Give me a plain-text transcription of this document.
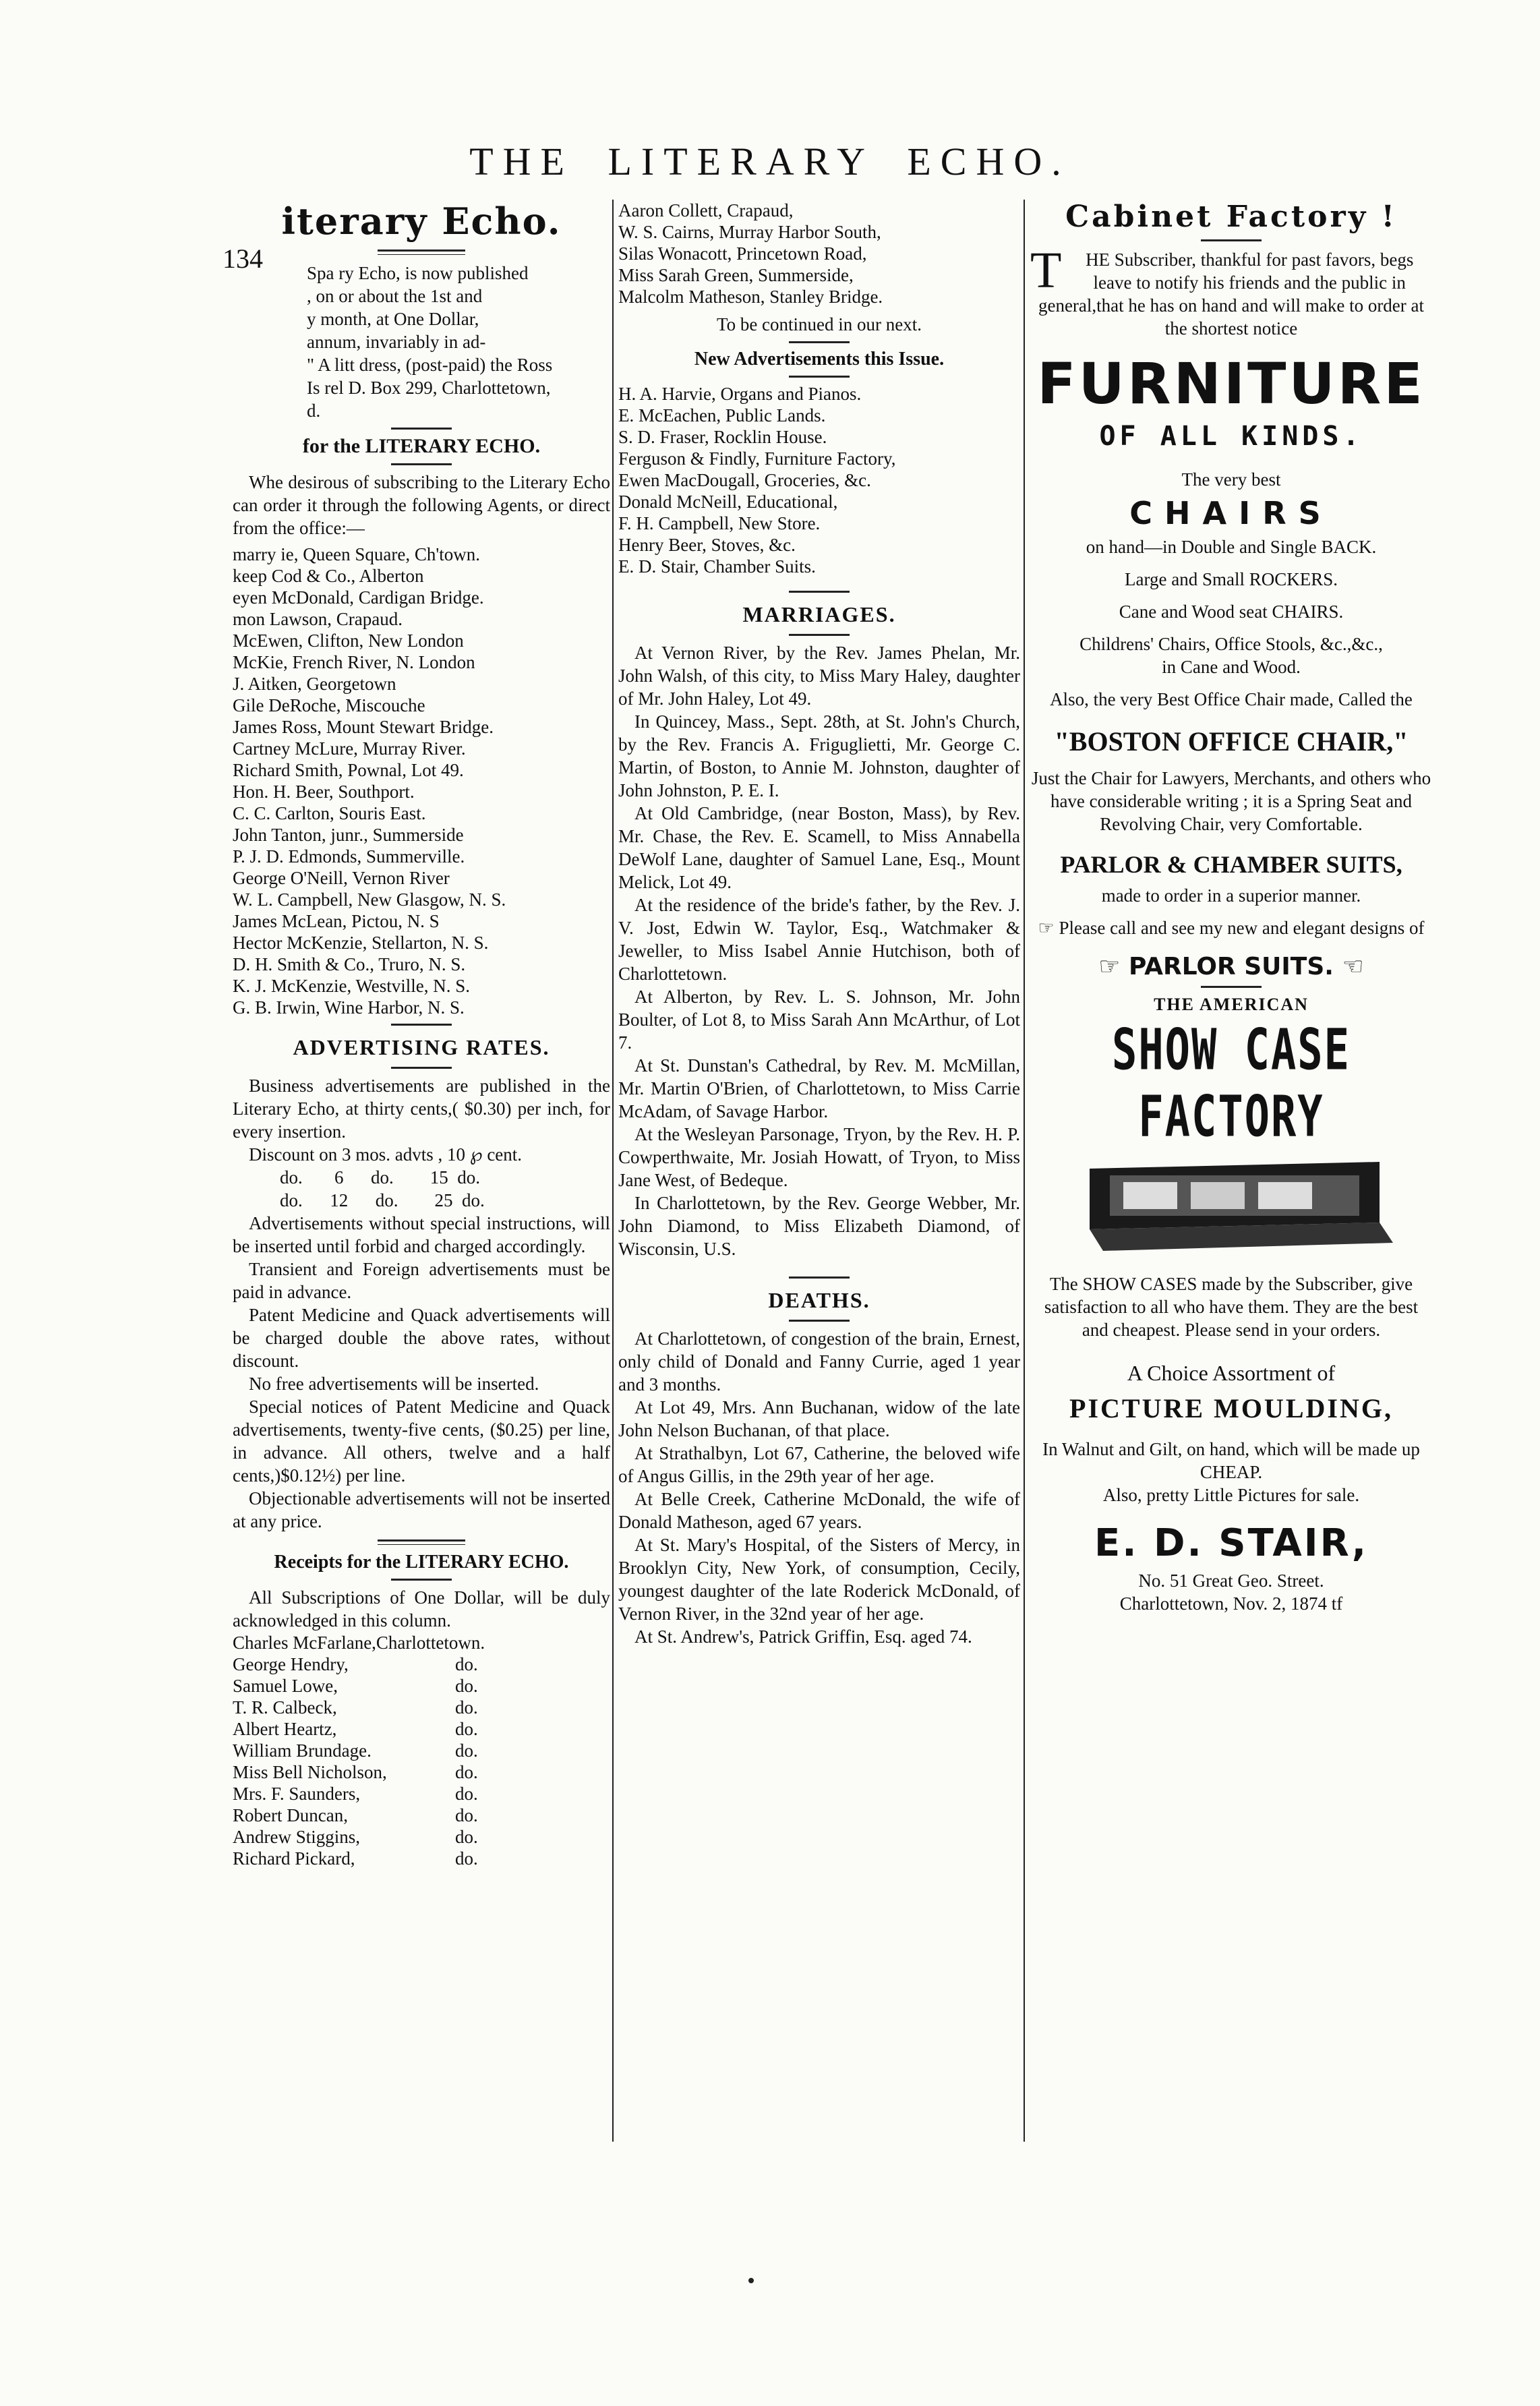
THE LITERARY ECHO.
134
iterary Echo.

Spa ry Echo, is now published

, on or about the 1st and

y month, at One Dollar,

annum, invariably in ad-

" A litt dress, (post-paid) the Ross

Is rel D. Box 299, Charlottetown,

d.

for the LITERARY ECHO.

Whe desirous of subscribing to the Literary Echo can order it through the following Agents, or direct from the office:—

marry ie, Queen Square, Ch'town.
keep Cod & Co., Alberton
eyen McDonald, Cardigan Bridge.
mon Lawson, Crapaud.
McEwen, Clifton, New London
McKie, French River, N. London
J. Aitken, Georgetown
Gile DeRoche, Miscouche
James Ross, Mount Stewart Bridge.
Cartney McLure, Murray River.
Richard Smith, Pownal, Lot 49.
Hon. H. Beer, Southport.
C. C. Carlton, Souris East.
John Tanton, junr., Summerside
P. J. D. Edmonds, Summerville.
George O'Neill, Vernon River
W. L. Campbell, New Glasgow, N. S.
James McLean, Pictou, N. S
Hector McKenzie, Stellarton, N. S.
D. H. Smith & Co., Truro, N. S.
K. J. McKenzie, Westville, N. S.
G. B. Irwin, Wine Harbor, N. S.
ADVERTISING RATES.

Business advertisements are published in the Literary Echo, at thirty cents,( $0.30) per inch, for every insertion.

Discount on 3 mos. advts , 10 ℘ cent.

do.       6      do.        15  do.

do.      12      do.        25  do.

Advertisements without special instructions, will be inserted until forbid and charged accordingly.

Transient and Foreign advertisements must be paid in advance.

Patent Medicine and Quack advertisements will be charged double the above rates, without discount.

No free advertisements will be inserted.

Special notices of Patent Medicine and Quack advertisements, twenty-five cents, ($0.25) per line, in advance. All others, twelve and a half cents,)$0.12½) per line.

Objectionable advertisements will not be inserted at any price.

Receipts for the LITERARY ECHO.

All Subscriptions of One Dollar, will be duly acknowledged in this column.

Charles McFarlane,Charlottetown.
George Hendry,	do.
Samuel Lowe,	do.
T. R. Calbeck,	do.
Albert Heartz,	do.
William Brundage.	do.
Miss Bell Nicholson,	do.
Mrs. F. Saunders,	do.
Robert Duncan,	do.
Andrew Stiggins,	do.
Richard Pickard,	do.
Aaron Collett, Crapaud,
W. S. Cairns, Murray Harbor South,
Silas Wonacott, Princetown Road,
Miss Sarah Green, Summerside,
Malcolm Matheson, Stanley Bridge.

To be continued in our next.

New Advertisements this Issue.
H. A. Harvie, Organs and Pianos.
E. McEachen, Public Lands.
S. D. Fraser, Rocklin House.
Ferguson & Findly, Furniture Factory,
Ewen MacDougall, Groceries, &c.
Donald McNeill, Educational,
F. H. Campbell, New Store.
Henry Beer, Stoves, &c.
E. D. Stair, Chamber Suits.
MARRIAGES.

At Vernon River, by the Rev. James Phelan, Mr. John Walsh, of this city, to Miss Mary Haley, daughter of Mr. John Haley, Lot 49.

In Quincey, Mass., Sept. 28th, at St. John's Church, by the Rev. Francis A. Friguglietti, Mr. George C. Martin, of Boston, to Annie M. Johnston, daughter of John Johnston, P. E. I.

At Old Cambridge, (near Boston, Mass), by Rev. Mr. Chase, the Rev. E. Scamell, to Miss Annabella DeWolf Lane, daughter of Samuel Lane, Esq., Mount Melick, Lot 49.

At the residence of the bride's father, by the Rev. J. V. Jost, Edwin W. Taylor, Esq., Watchmaker & Jeweller, to Miss Isabel Annie Hutchison, both of Charlottetown.

At Alberton, by Rev. L. S. Johnson, Mr. John Boulter, of Lot 8, to Miss Sarah Ann McArthur, of Lot 7.

At St. Dunstan's Cathedral, by Rev. M. McMillan, Mr. Martin O'Brien, of Charlottetown, to Miss Carrie McAdam, of Savage Harbor.

At the Wesleyan Parsonage, Tryon, by the Rev. H. P. Cowperthwaite, Mr. Josiah Howatt, of Tryon, to Miss Jane West, of Bedeque.

In Charlottetown, by the Rev. George Webber, Mr. John Diamond, to Miss Elizabeth Diamond, of Wisconsin, U.S.

DEATHS.

At Charlottetown, of congestion of the brain, Ernest, only child of Donald and Fanny Currie, aged 1 year and 3 months.

At Lot 49, Mrs. Ann Buchanan, widow of the late John Nelson Buchanan, of that place.

At Strathalbyn, Lot 67, Catherine, the beloved wife of Angus Gillis, in the 29th year of her age.

At Belle Creek, Catherine McDonald, the wife of Donald Matheson, aged 67 years.

At St. Mary's Hospital, of the Sisters of Mercy, in Brooklyn City, New York, of consumption, Cecily, youngest daughter of the late Roderick McDonald, of Vernon River, in the 32nd year of her age.

At St. Andrew's, Patrick Griffin, Esq. aged 74.

Cabinet Factory !
T HE Subscriber, thankful for past favors, begs leave to notify his friends and the public in general,that he has on hand and will make to order at the shortest notice
FURNITURE
OF ALL KINDS.

The very best

CHAIRS

on hand—in Double and Single BACK.

Large and Small ROCKERS.

Cane and Wood seat CHAIRS.

Childrens' Chairs, Office Stools, &c.,&c.,

in Cane and Wood.

Also, the very Best Office Chair made, Called the

"BOSTON OFFICE CHAIR,"

Just the Chair for Lawyers, Merchants, and others who have considerable writing ; it is a Spring Seat and Revolving Chair, very Comfortable.

PARLOR & CHAMBER SUITS,

made to order in a superior manner.

☞ Please call and see my new and elegant designs of

☞ PARLOR SUITS. ☜

THE AMERICAN

SHOW CASE FACTORY

The SHOW CASES made by the Subscriber, give satisfaction to all who have them. They are the best and cheapest. Please send in your orders.

A Choice Assortment of

PICTURE MOULDING,

In Walnut and Gilt, on hand, which will be made up CHEAP.

Also, pretty Little Pictures for sale.

E. D. STAIR,

No. 51 Great Geo. Street.

Charlottetown, Nov. 2, 1874 tf
